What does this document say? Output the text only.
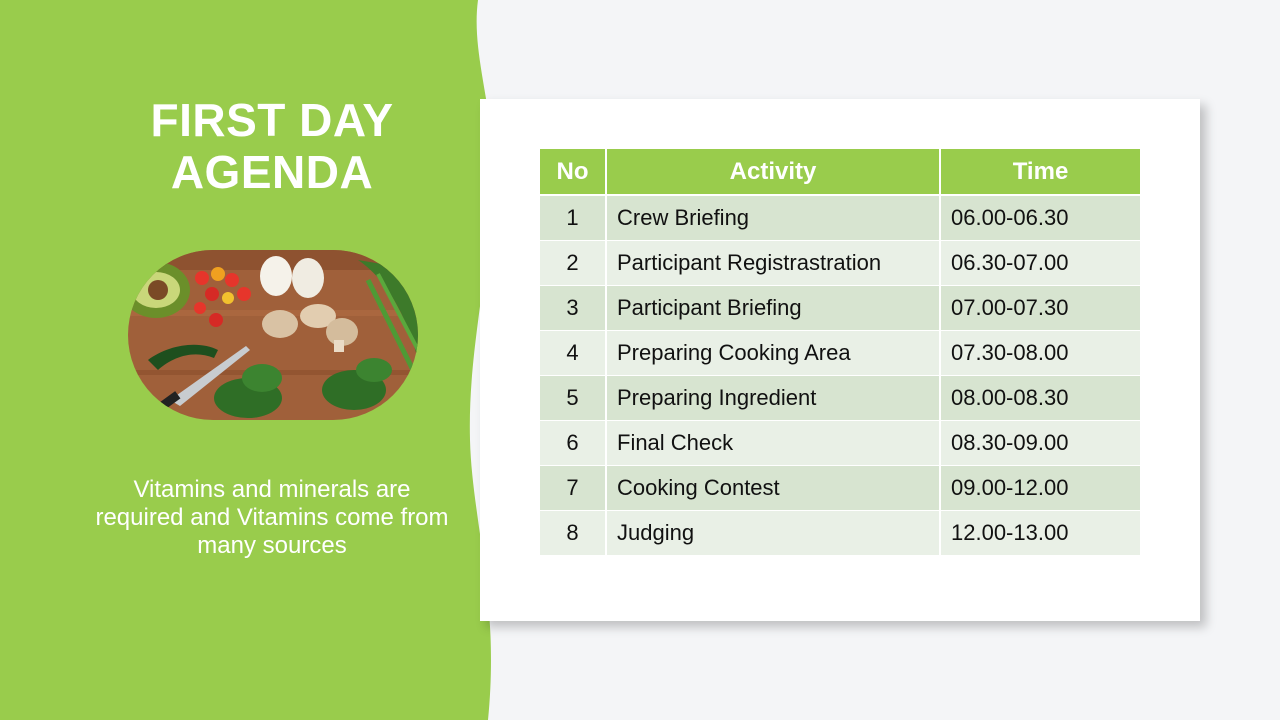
FIRST DAY
AGENDA
Vitamins and minerals are required and Vitamins come from many sources
No	Activity	Time
1	Crew Briefing	06.00-06.30
2	Participant Registrastration	06.30-07.00
3	Participant Briefing	07.00-07.30
4	Preparing Cooking Area	07.30-08.00
5	Preparing Ingredient	08.00-08.30
6	Final Check	08.30-09.00
7	Cooking Contest	09.00-12.00
8	Judging	12.00-13.00
